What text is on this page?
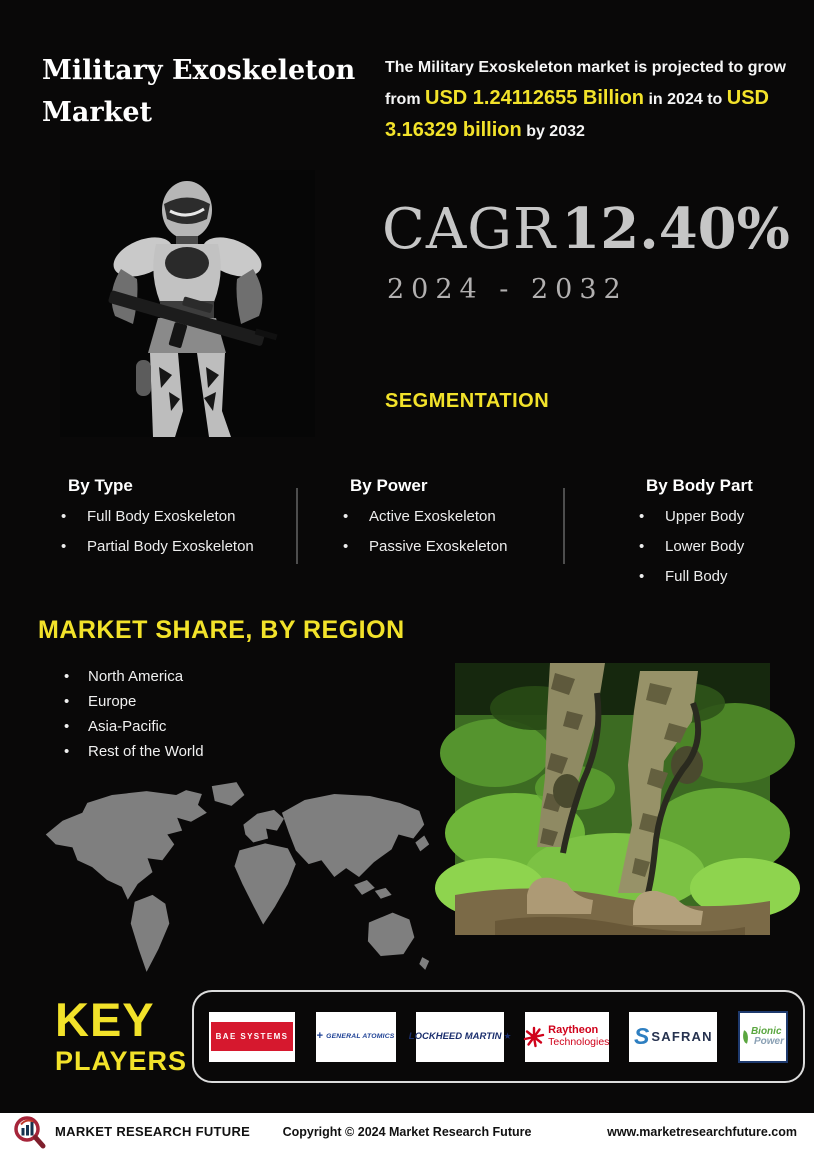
Military Exoskeleton Market

The Military Exoskeleton market is projected to grow from USD 1.24112655 Billion in 2024 to USD 3.16329 billion by 2032

CAGR 12.40%
2024 - 2032
SEGMENTATION
By Type
• Full Body Exoskeleton
• Partial Body Exoskeleton
By Power
• Active Exoskeleton
• Passive Exoskeleton
By Body Part
• Upper Body
• Lower Body
• Full Body
MARKET SHARE, BY REGION
• North America
• Europe
• Asia-Pacific
• Rest of the World
KEY
PLAYERS
BAE SYSTEMS	+ GENERAL ATOMICS LOCKHEED MARTIN ★	Raytheon
Technologies S SAFRAN	Bionic
Power
MARKET RESEARCH FUTURE	Copyright © 2024 Market Research Future	www.marketresearchfuture.com
